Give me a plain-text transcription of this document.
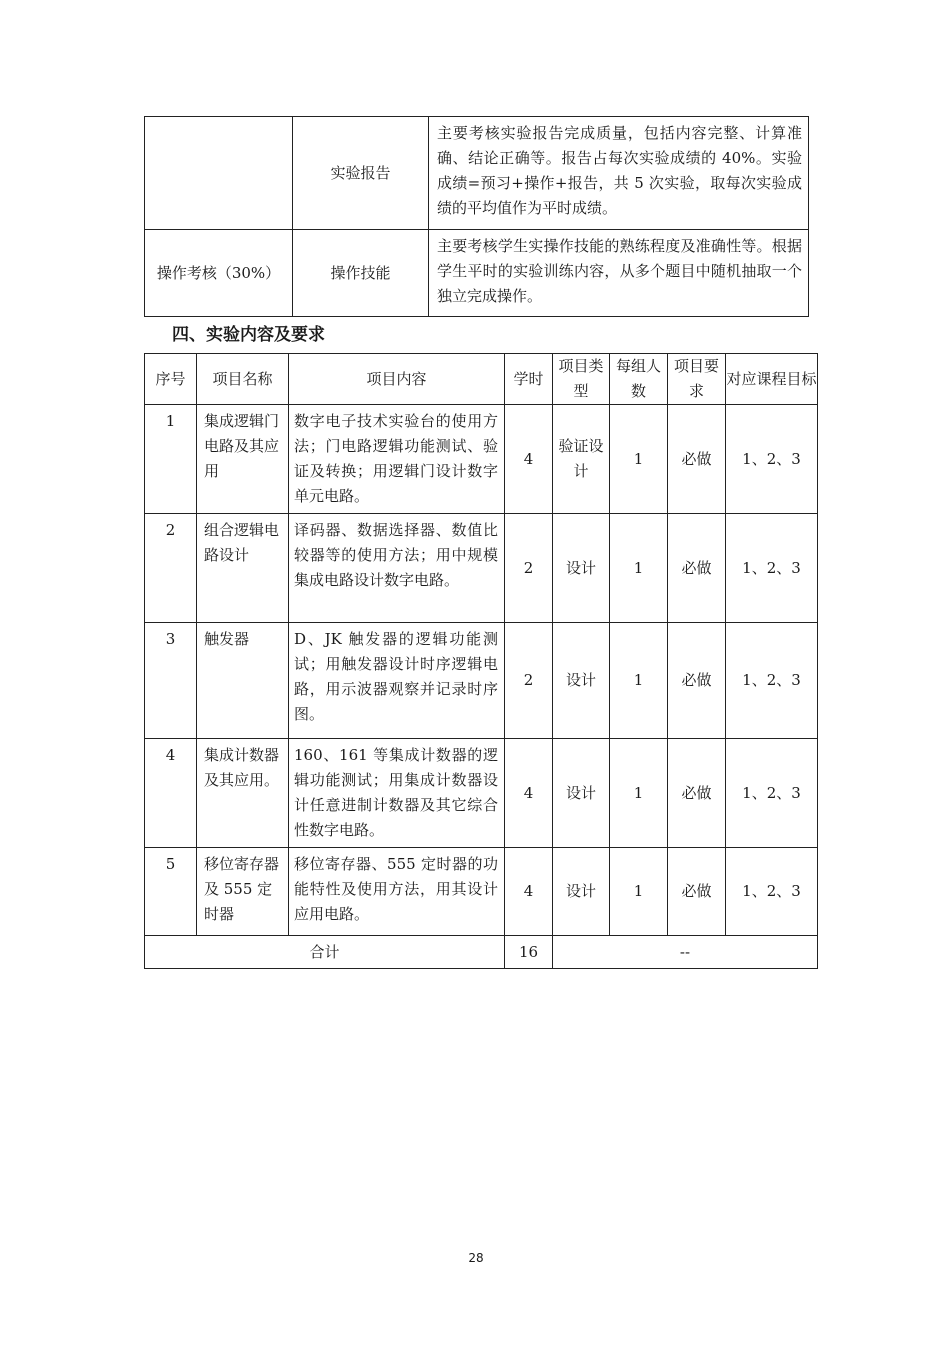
	实验报告	主要考核实验报告完成质量，包括内容完整、计算准确、结论正确等。报告占每次实验成绩的 40%。实验成绩=预习+操作+报告，共 5 次实验，取每次实验成绩的平均值作为平时成绩。
操作考核（30%）	操作技能	主要考核学生实操作技能的熟练程度及准确性等。根据学生平时的实验训练内容，从多个题目中随机抽取一个独立完成操作。
四、实验内容及要求
序号	项目名称	项目内容	学时	项目类型	每组人数	项目要求	对应课程目标
1	集成逻辑门电路及其应用	数字电子技术实验台的使用方法；门电路逻辑功能测试、验证及转换；用逻辑门设计数字单元电路。	4	验证设计	1	必做	1、2、3
2	组合逻辑电路设计	译码器、数据选择器、数值比较器等的使用方法；用中规模集成电路设计数字电路。	2	设计	1	必做	1、2、3
3	触发器	D、JK 触发器的逻辑功能测试；用触发器设计时序逻辑电路，用示波器观察并记录时序图。	2	设计	1	必做	1、2、3
4	集成计数器及其应用。	160、161 等集成计数器的逻辑功能测试；用集成计数器设计任意进制计数器及其它综合性数字电路。	4	设计	1	必做	1、2、3
5	移位寄存器及 555 定时器	移位寄存器、555 定时器的功能特性及使用方法，用其设计应用电路。	4	设计	1	必做	1、2、3
合计			16	--			
28
